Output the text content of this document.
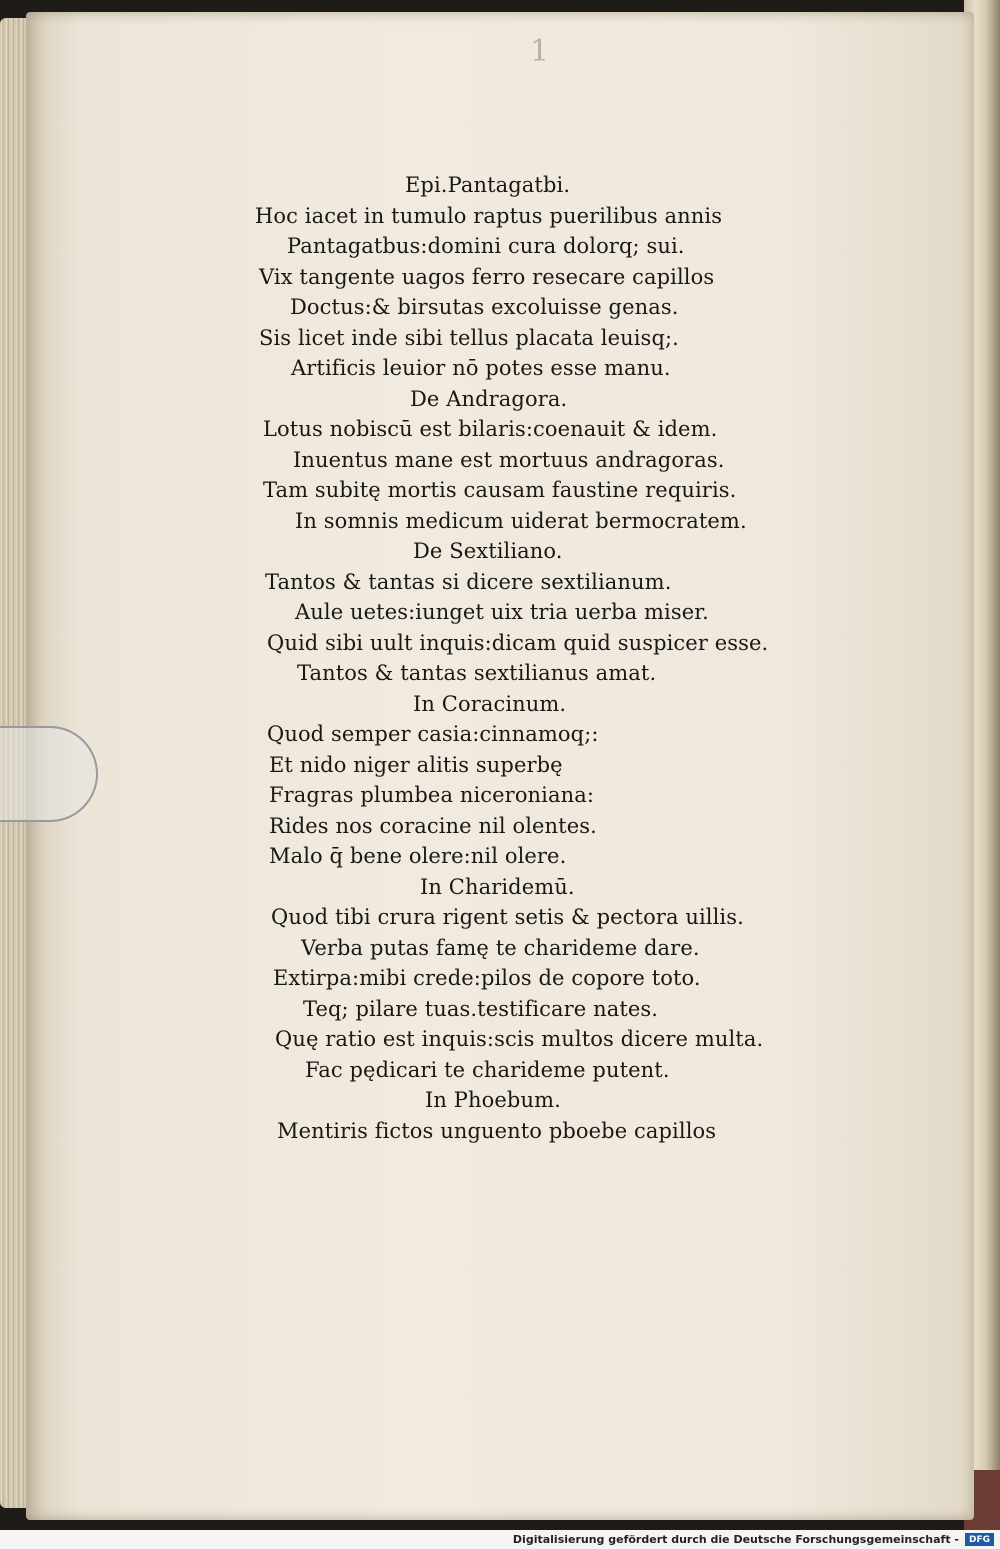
1
Epi.Pantagatbi.
Hoc iacet in tumulo raptus puerilibus annis
Pantagatbus:domini cura dolorq; sui.
Vix tangente uagos ferro resecare capillos
Doctus:& birsutas excoluisse genas.
Sis licet inde sibi tellus placata leuisq;.
Artificis leuior nō potes esse manu.
De Andragora.
Lotus nobiscū est bilaris:coenauit & idem.
Inuentus mane est mortuus andragoras.
Tam subitę mortis causam faustine requiris.
In somnis medicum uiderat bermocratem.
De Sextiliano.
Tantos & tantas si dicere sextilianum.
Aule uetes:iunget uix tria uerba miser.
Quid sibi uult inquis:dicam quid suspicer esse.
Tantos & tantas sextilianus amat.
In Coracinum.
Quod semper casia:cinnamoq;:
Et nido niger alitis superbę
Fragras plumbea niceroniana:
Rides nos coracine nil olentes.
Malo q̄ bene olere:nil olere.
In Charidemū.
Quod tibi crura rigent setis & pectora uillis.
Verba putas famę te charideme dare.
Extirpa:mibi crede:pilos de copore toto.
Teq; pilare tuas.testificare nates.
Quę ratio est inquis:scis multos dicere multa.
Fac pędicari te charideme putent.
In Phoebum.
Mentiris fictos unguento pboebe capillos
Digitalisierung gefördert durch die Deutsche Forschungsgemeinschaft -	DFG
